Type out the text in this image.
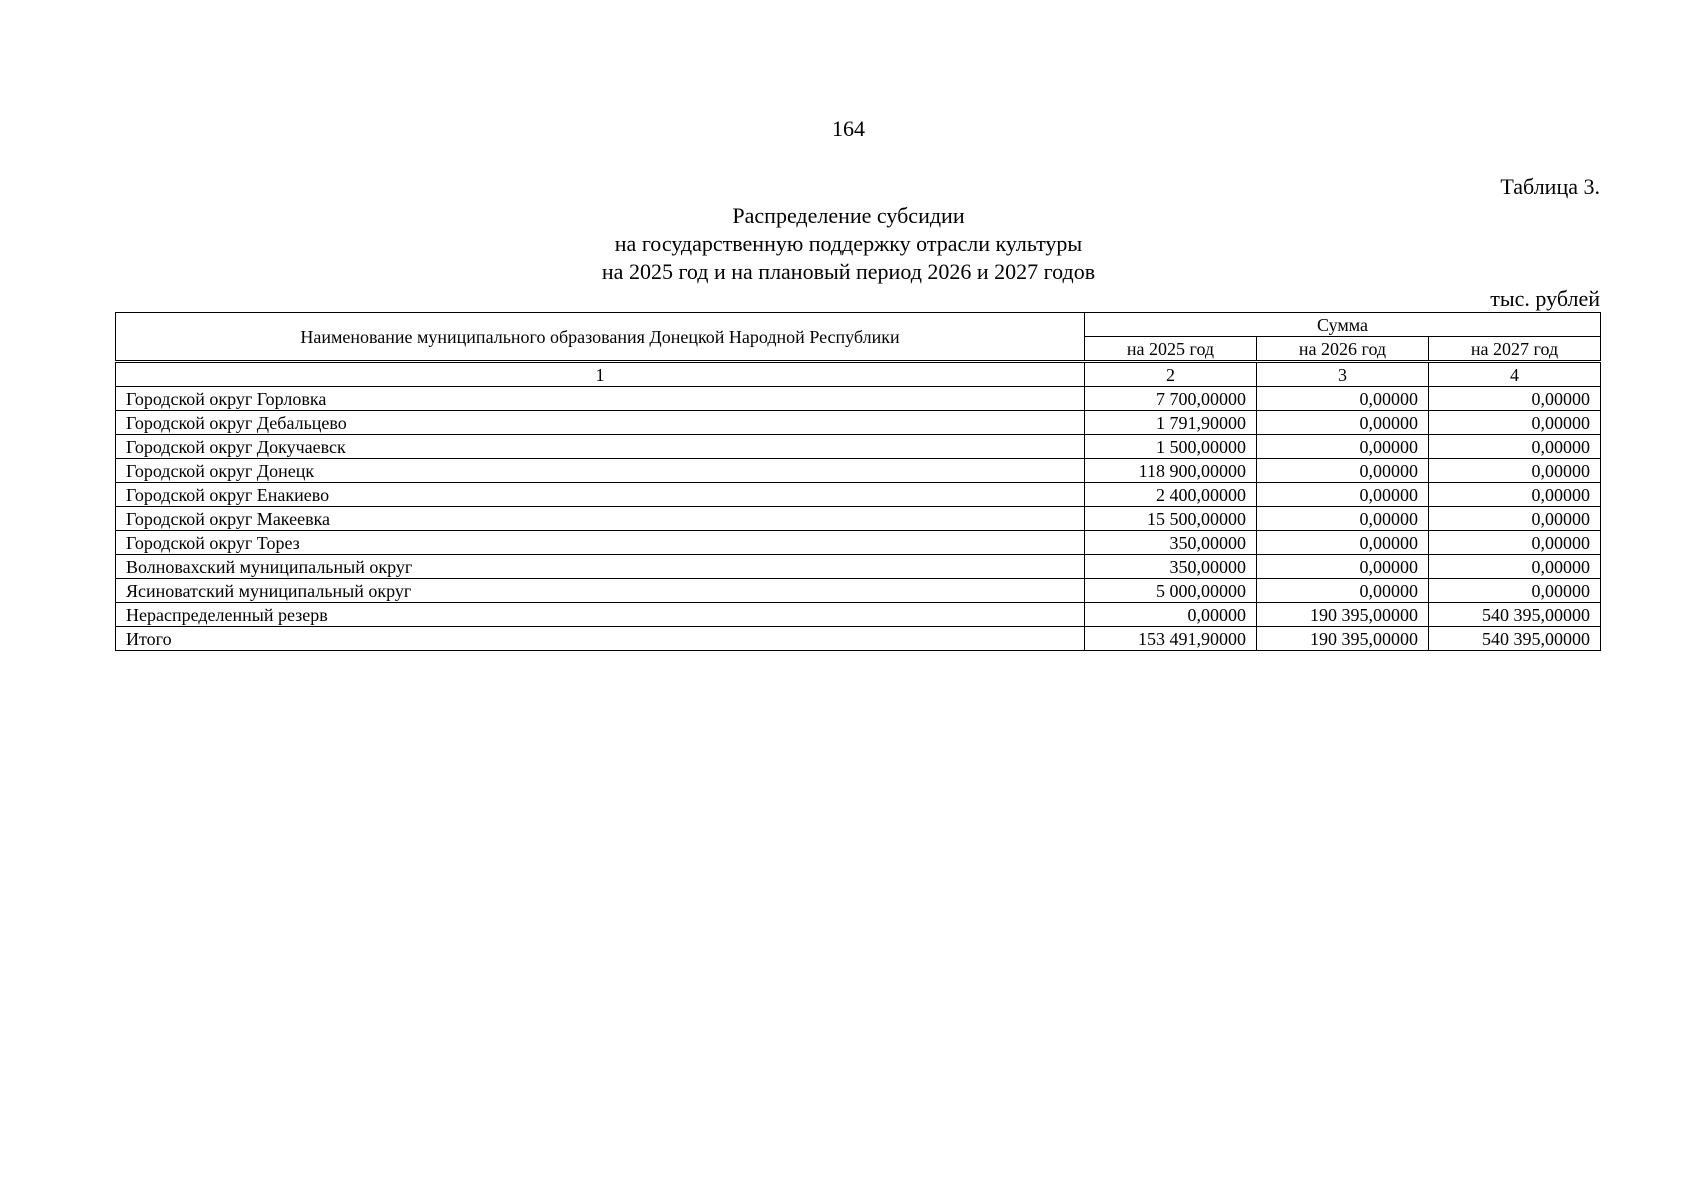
164
Таблица 3.
Распределение субсидии
на государственную поддержку отрасли культуры
на 2025 год и на плановый период 2026 и 2027 годов
тыс. рублей
Наименование муниципального образования Донецкой Народной Республики	Сумма		
	на 2025 год	на 2026 год	на 2027 год
1	2	3	4
Городской округ Горловка	7 700,00000	0,00000	0,00000
Городской округ Дебальцево	1 791,90000	0,00000	0,00000
Городской округ Докучаевск	1 500,00000	0,00000	0,00000
Городской округ Донецк	118 900,00000	0,00000	0,00000
Городской округ Енакиево	2 400,00000	0,00000	0,00000
Городской округ Макеевка	15 500,00000	0,00000	0,00000
Городской округ Торез	350,00000	0,00000	0,00000
Волновахский муниципальный округ	350,00000	0,00000	0,00000
Ясиноватский муниципальный округ	5 000,00000	0,00000	0,00000
Нераспределенный резерв	0,00000	190 395,00000	540 395,00000
Итого	153 491,90000	190 395,00000	540 395,00000
